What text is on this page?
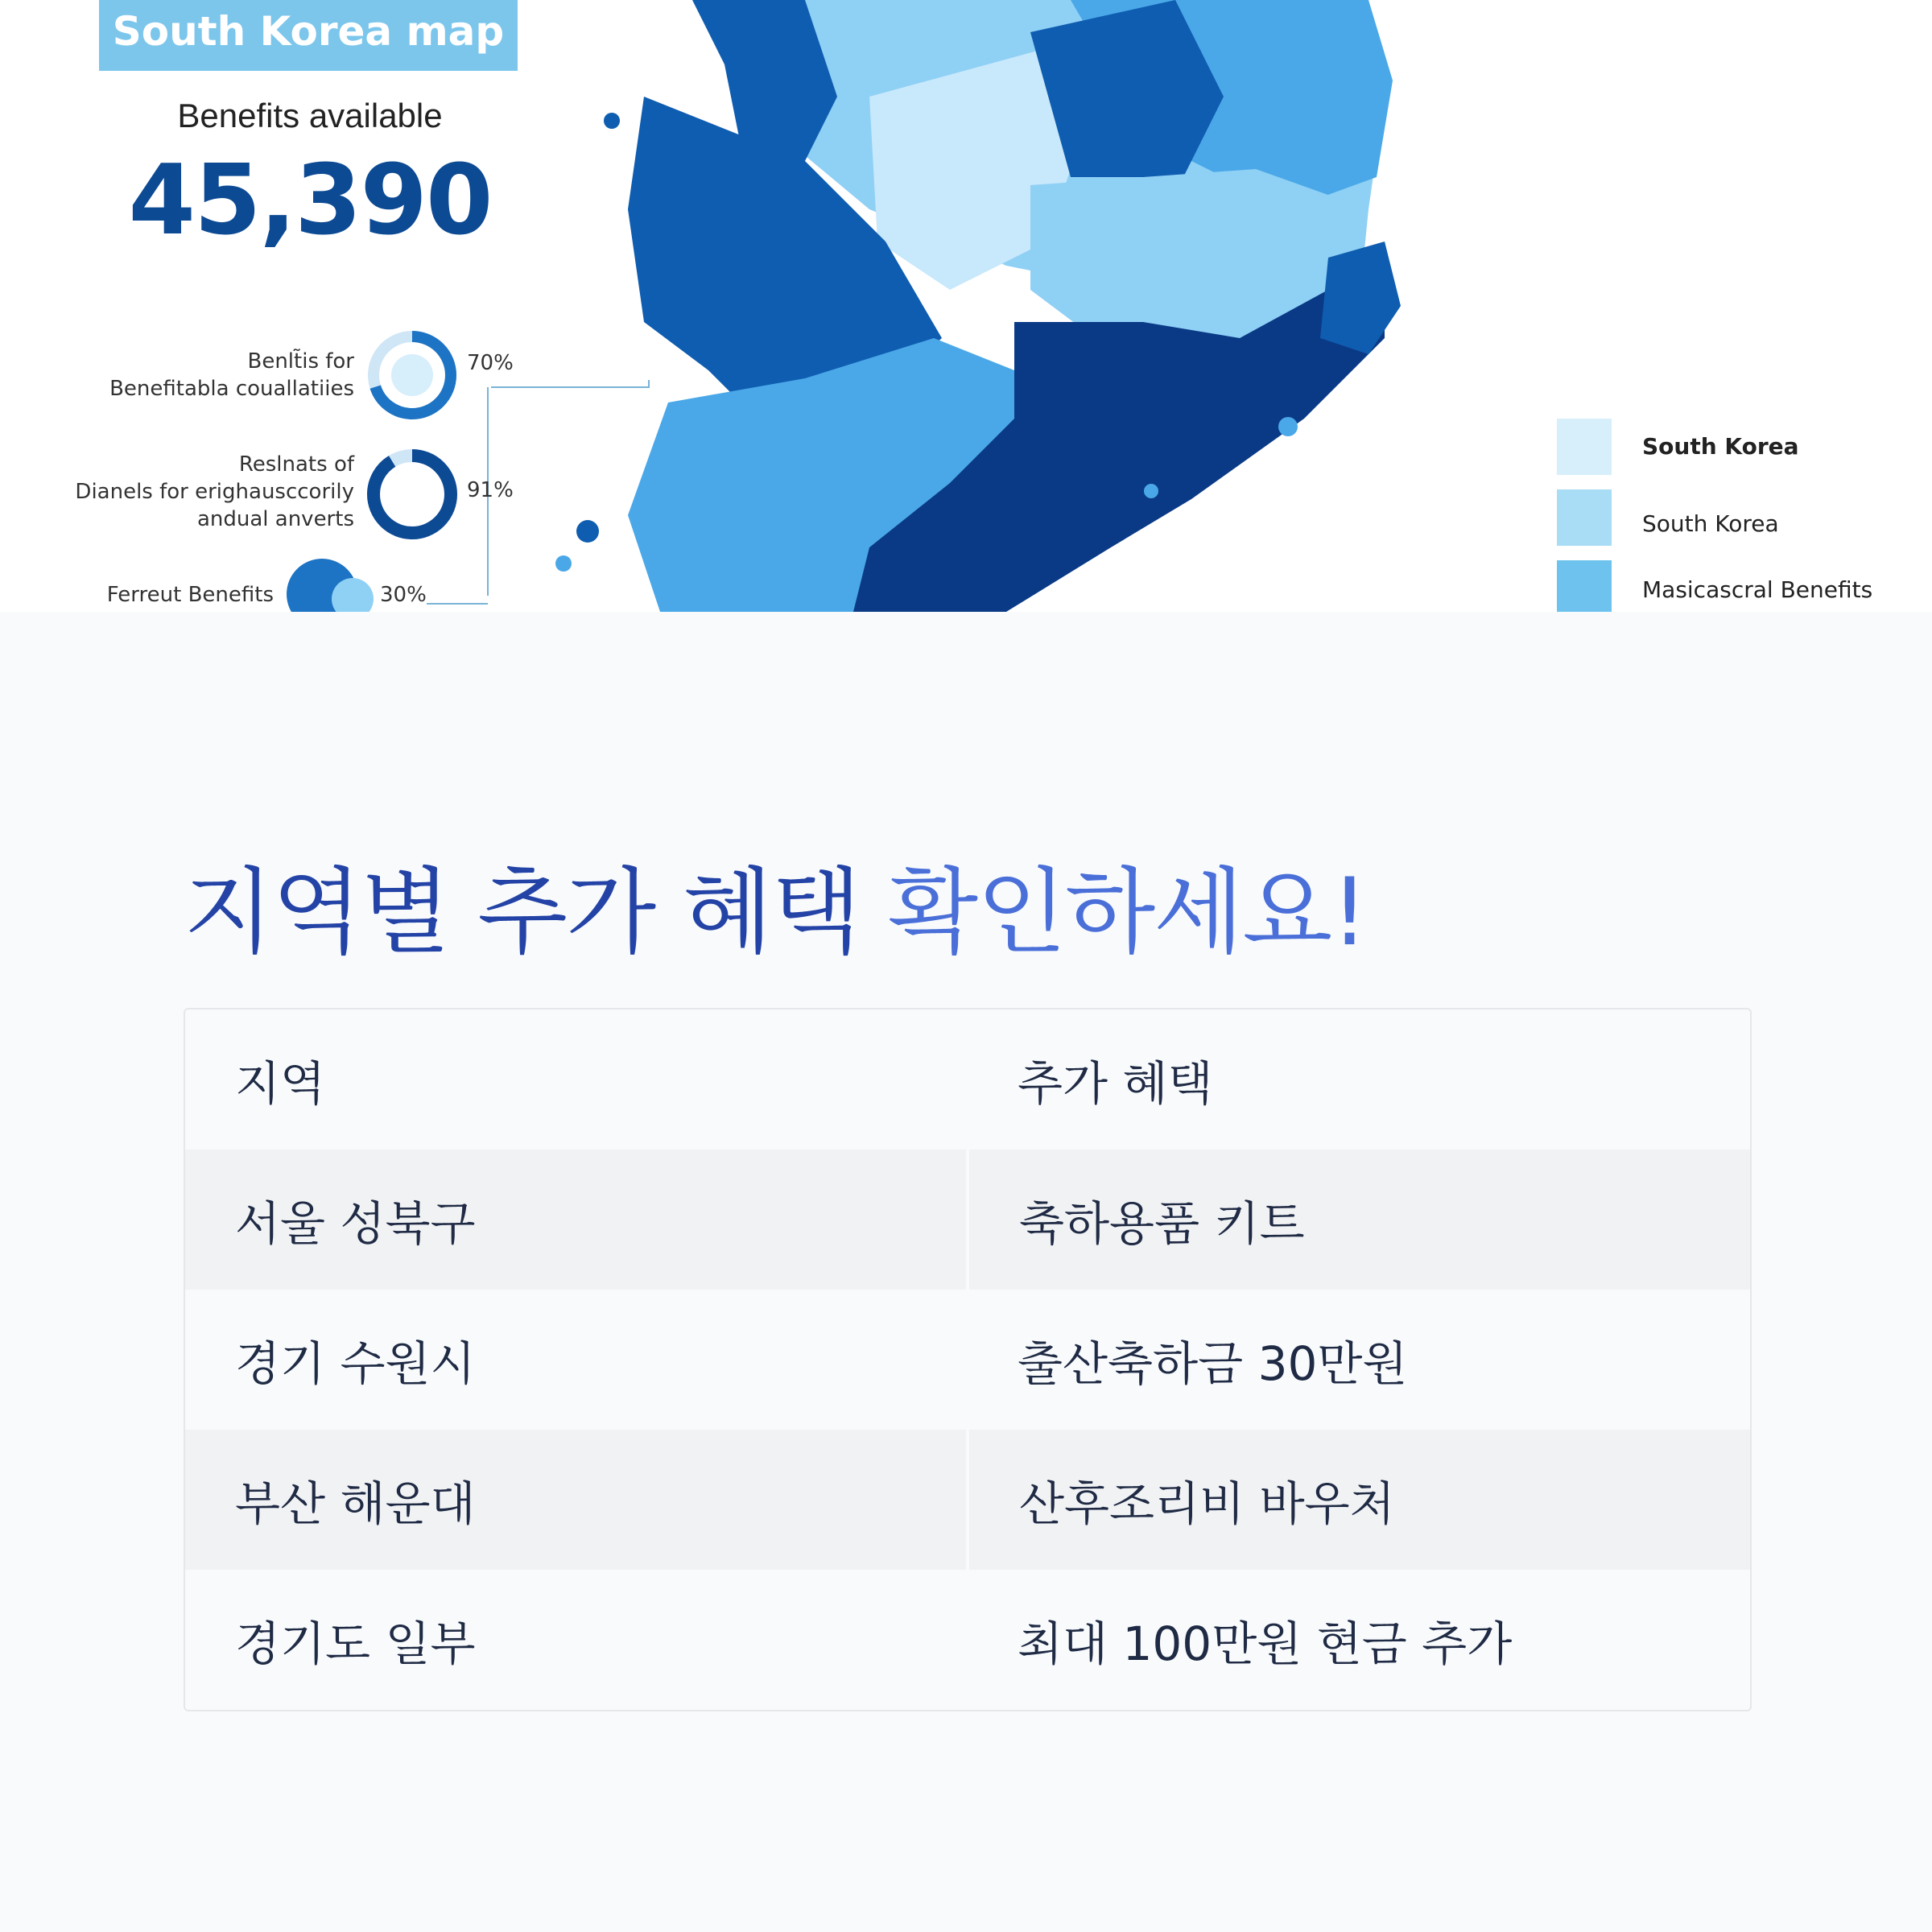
South Korea map
Benefits available
45,390
Benlt̃is for
Benefitabla couallatiies
70%
Reslnats of
Dianels for erighausccorily
andual anverts
91%
Ferreut Benefits	30%
South Korea
South Korea
Masicascral Benefits
지역별 추가 혜택 확인하세요!
지역	추가 혜택
서울 성북구	축하용품 키트
경기 수원시	출산축하금 30만원
부산 해운대	산후조리비 바우처
경기도 일부	최대 100만원 현금 추가
